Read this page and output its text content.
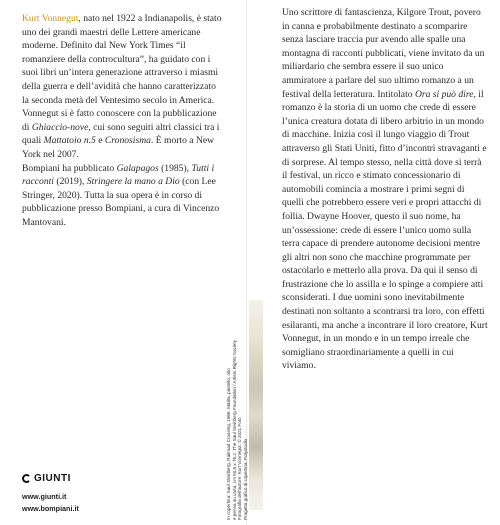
Kurt Vonnegut, nato nel 1922 a Indianapolis, è stato uno dei grandi maestri delle Lettere americane moderne. Definito dal New York Times “il romanziere della controcultura”, ha guidato con i suoi libri un’intera generazione attraverso i miasmi della guerra e dell’avidità che hanno caratterizzato la seconda metà del Ventesimo secolo in America. Vonnegut si è fatto conoscere con la pubblicazione di Ghiaccio-nove, cui sono seguiti altri classici tra i quali Mattatoio n.5 e Cronosisma. È morto a New York nel 2007.

Bompiani ha pubblicato Galapagos (1985), Tutti i racconti (2019), Stringere la mano a Dio (con Lee Stringer, 2020). Tutta la sua opera è in corso di pubblicazione presso Bompiani, a cura di Vincenzo Mantovani.

In copertina: Saul Steinberg, Railroad Crossing, 1966. Matita, pastello, olio e penna su carta, cm 50,8 x 76,2. The Saul Steinberg Foundation / Artists Rights Society Fotografia dell'autore: Kurt Vonnegut. © 2021 Foto Progetto grafico di copertina: Polystudio
GIUNTI
www.giunti.it
www.bompiani.it

Uno scrittore di fantascienza, Kilgore Trout, povero in canna e probabilmente destinato a scomparire senza lasciare traccia pur avendo alle spalle una montagna di racconti pubblicati, viene invitato da un miliardario che sembra essere il suo unico ammiratore a parlare del suo ultimo romanzo a un festival della letteratura. Intitolato Ora si può dire, il romanzo è la storia di un uomo che crede di essere l’unica creatura dotata di libero arbitrio in un mondo di macchine. Inizia così il lungo viaggio di Trout attraverso gli Stati Uniti, fitto d’incontri stravaganti e di sorprese. Al tempo stesso, nella città dove si terrà il festival, un ricco e stimato concessionario di automobili comincia a mostrare i primi segni di quelli che potrebbero essere veri e propri attacchi di follia. Dwayne Hoover, questo il suo nome, ha un’ossessione: crede di essere l’unico uomo sulla terra capace di prendere autonome decisioni mentre gli altri non sono che macchine programmate per ostacolarlo e metterlo alla prova. Da qui il senso di frustrazione che lo assilla e lo spinge a compiere atti sconsiderati. I due uomini sono inevitabilmente destinati non soltanto a scontrarsi tra loro, con effetti esilaranti, ma anche a incontrare il loro creatore, Kurt Vonnegut, in un mondo e in un tempo irreale che somigliano straordinariamente a quelli in cui viviamo.
